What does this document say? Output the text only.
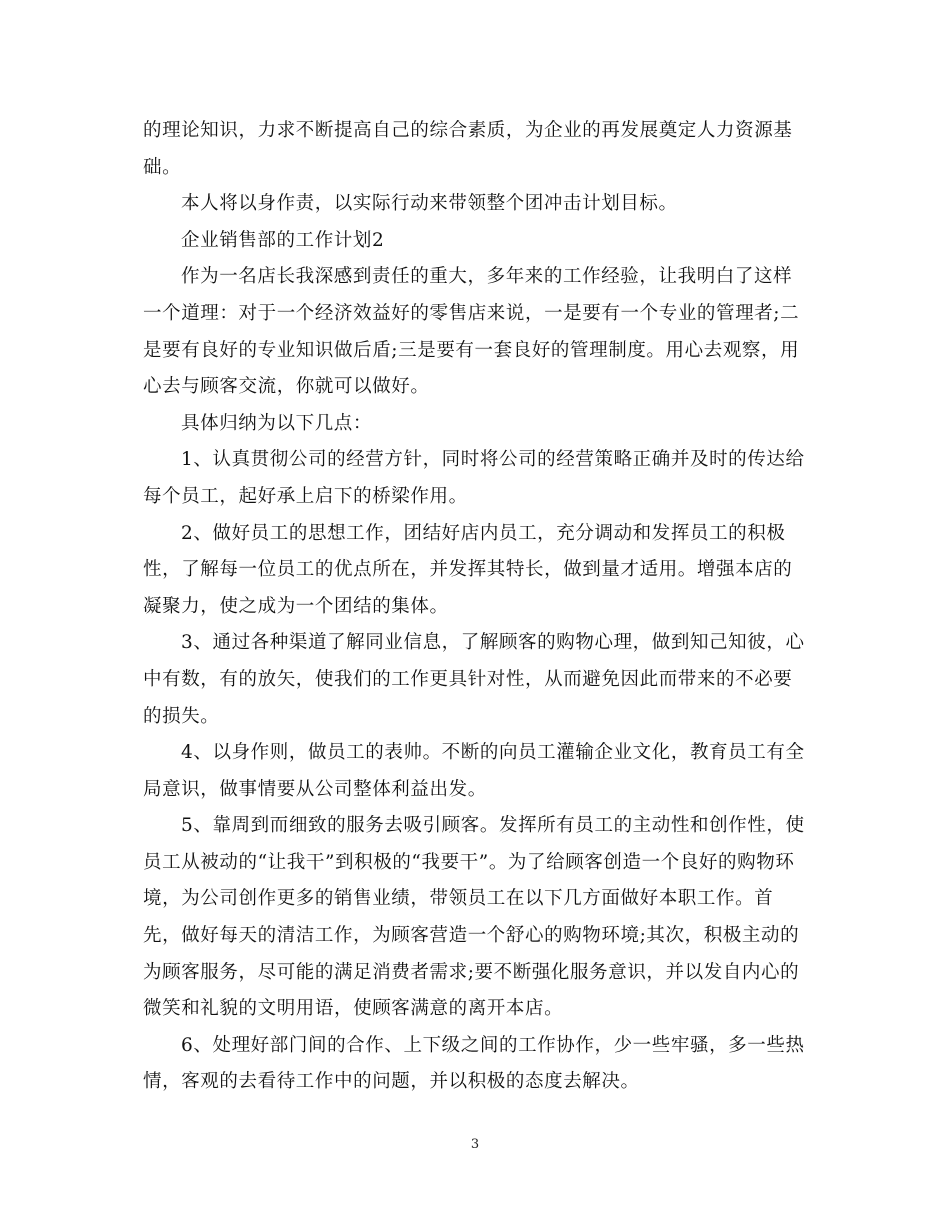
的理论知识，力求不断提高自己的综合素质，为企业的再发展奠定人力资源基础。

本人将以身作责，以实际行动来带领整个团冲击计划目标。

企业销售部的工作计划2

作为一名店长我深感到责任的重大，多年来的工作经验，让我明白了这样一个道理：对于一个经济效益好的零售店来说，一是要有一个专业的管理者;二是要有良好的专业知识做后盾;三是要有一套良好的管理制度。用心去观察，用心去与顾客交流，你就可以做好。

具体归纳为以下几点：

1、认真贯彻公司的经营方针，同时将公司的经营策略正确并及时的传达给每个员工，起好承上启下的桥梁作用。

2、做好员工的思想工作，团结好店内员工，充分调动和发挥员工的积极性，了解每一位员工的优点所在，并发挥其特长，做到量才适用。增强本店的凝聚力，使之成为一个团结的集体。

3、通过各种渠道了解同业信息，了解顾客的购物心理，做到知己知彼，心中有数，有的放矢，使我们的工作更具针对性，从而避免因此而带来的不必要的损失。

4、以身作则，做员工的表帅。不断的向员工灌输企业文化，教育员工有全局意识，做事情要从公司整体利益出发。

5、靠周到而细致的服务去吸引顾客。发挥所有员工的主动性和创作性，使员工从被动的“让我干”到积极的“我要干”。为了给顾客创造一个良好的购物环境，为公司创作更多的销售业绩，带领员工在以下几方面做好本职工作。首先，做好每天的清洁工作，为顾客营造一个舒心的购物环境;其次，积极主动的为顾客服务，尽可能的满足消费者需求;要不断强化服务意识，并以发自内心的微笑和礼貌的文明用语，使顾客满意的离开本店。

6、处理好部门间的合作、上下级之间的工作协作，少一些牢骚，多一些热情，客观的去看待工作中的问题，并以积极的态度去解决。

3
